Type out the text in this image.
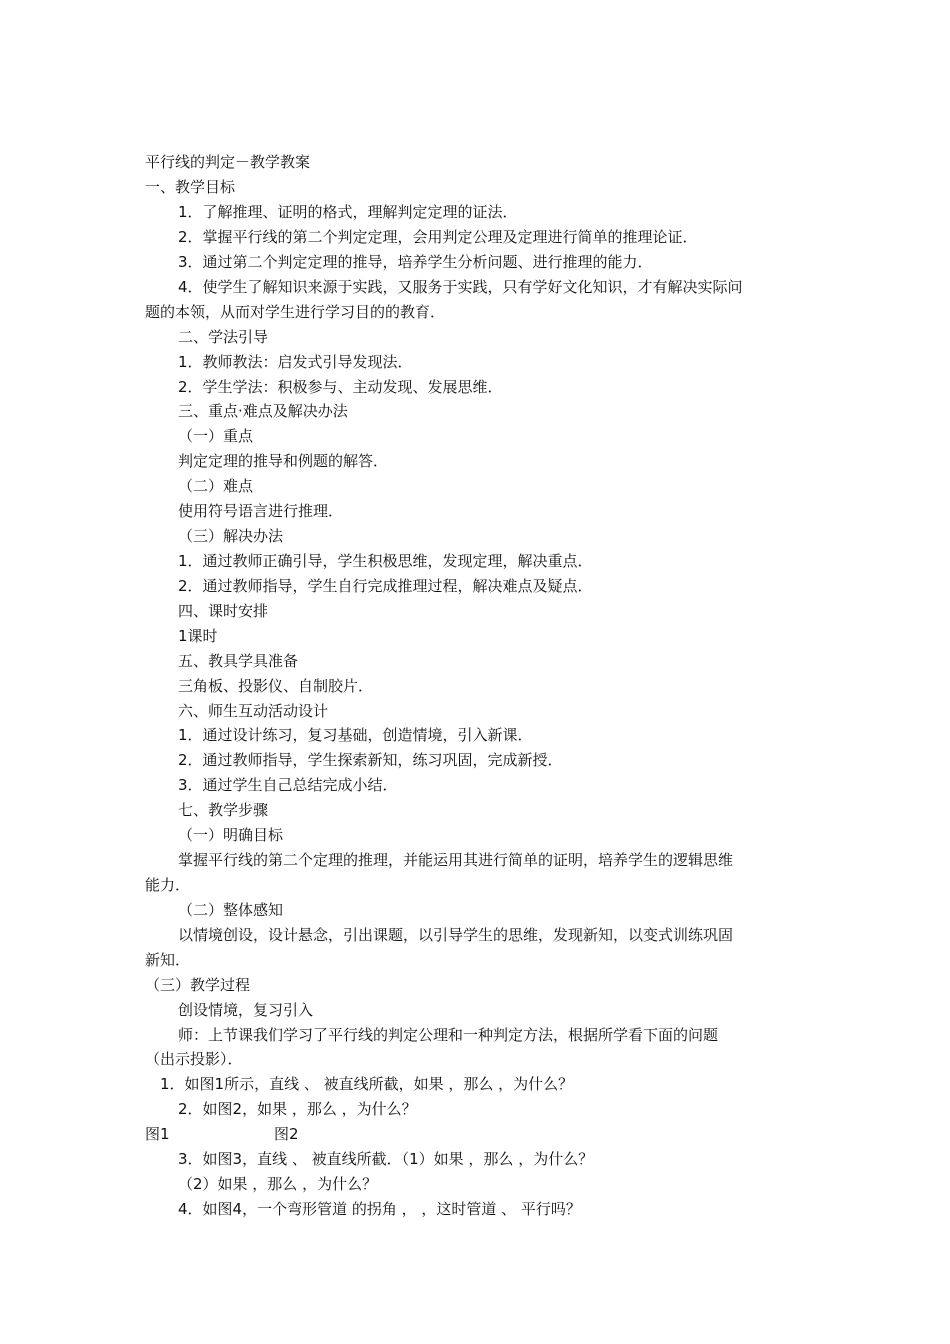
平行线的判定－教学教案
一、教学目标
1．了解推理、证明的格式，理解判定定理的证法．
2．掌握平行线的第二个判定定理，会用判定公理及定理进行简单的推理论证．
3．通过第二个判定定理的推导，培养学生分析问题、进行推理的能力．
4．使学生了解知识来源于实践，又服务于实践，只有学好文化知识，才有解决实际问
题的本领，从而对学生进行学习目的的教育．
二、学法引导
1．教师教法：启发式引导发现法．
2．学生学法：积极参与、主动发现、发展思维．
三、重点·难点及解决办法
（一）重点
判定定理的推导和例题的解答．
（二）难点
使用符号语言进行推理．
（三）解决办法
1．通过教师正确引导，学生积极思维，发现定理，解决重点．
2．通过教师指导，学生自行完成推理过程，解决难点及疑点．
四、课时安排
1课时
五、教具学具准备
三角板、投影仪、自制胶片．
六、师生互动活动设计
1．通过设计练习，复习基础，创造情境，引入新课．
2．通过教师指导，学生探索新知，练习巩固，完成新授．
3．通过学生自己总结完成小结．
七、教学步骤
（一）明确目标
掌握平行线的第二个定理的推理，并能运用其进行简单的证明，培养学生的逻辑思维
能力．
（二）整体感知
以情境创设，设计悬念，引出课题，以引导学生的思维，发现新知，以变式训练巩固
新知．
（三）教学过程
创设情境，复习引入
师：上节课我们学习了平行线的判定公理和一种判定方法，根据所学看下面的问题
（出示投影）．
1．如图1所示，直线 、 被直线所截，如果 ，那么 ，为什么？
2．如图2，如果 ，那么 ，为什么？
图1	图2
3．如图3，直线 、 被直线所截．（1）如果 ，那么 ，为什么？
（2）如果 ，那么 ，为什么？
4．如图4，一个弯形管道 的拐角 ， ，这时管道 、 平行吗？
